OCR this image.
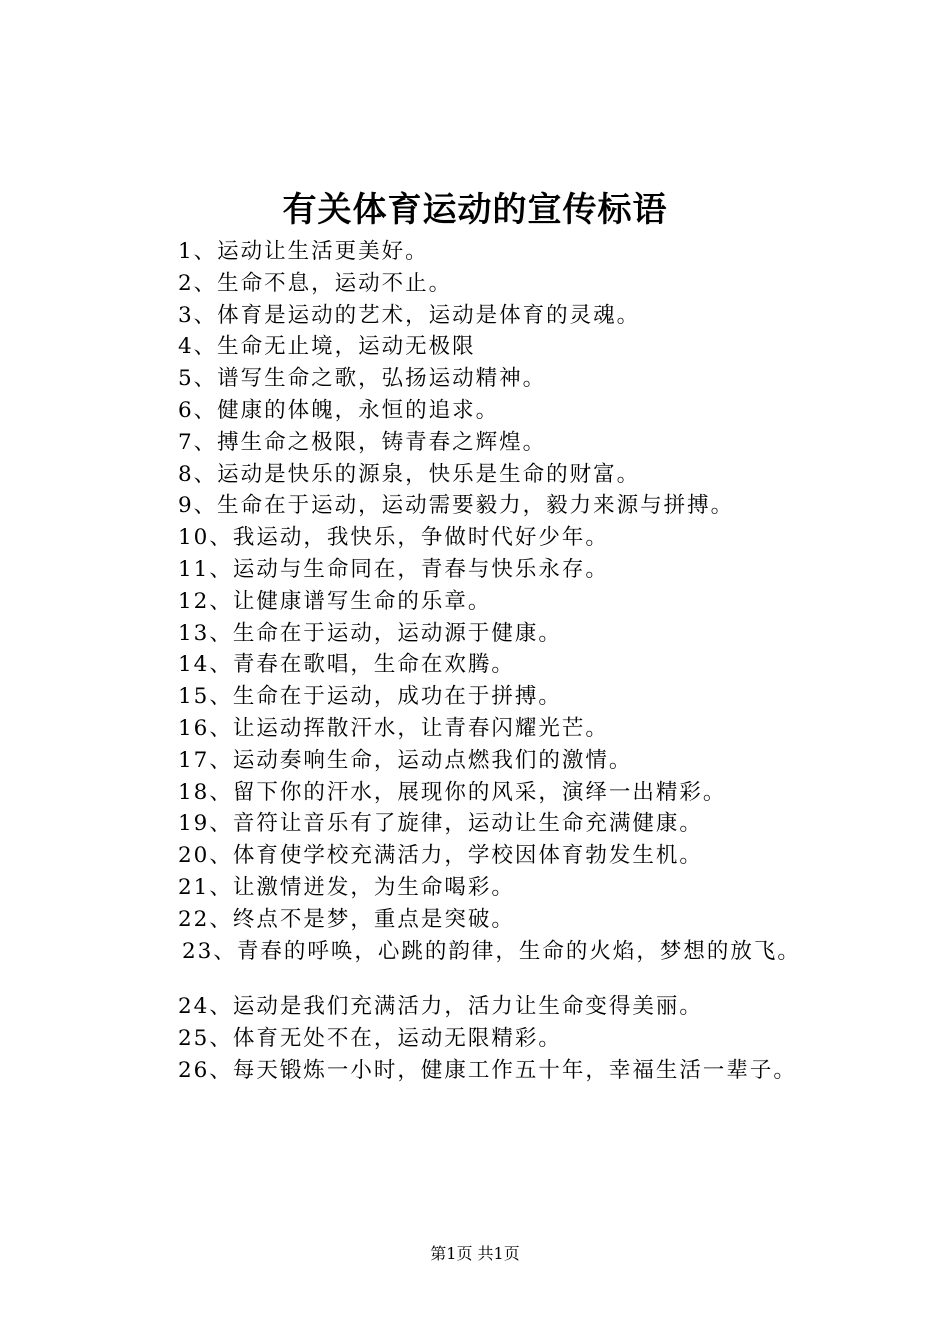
有关体育运动的宣传标语
1、运动让生活更美好。
2、生命不息，运动不止。
3、体育是运动的艺术，运动是体育的灵魂。
4、生命无止境，运动无极限
5、谱写生命之歌，弘扬运动精神。
6、健康的体魄，永恒的追求。
7、搏生命之极限，铸青春之辉煌。
8、运动是快乐的源泉，快乐是生命的财富。
9、生命在于运动，运动需要毅力，毅力来源与拼搏。
10、我运动，我快乐，争做时代好少年。
11、运动与生命同在，青春与快乐永存。
12、让健康谱写生命的乐章。
13、生命在于运动，运动源于健康。
14、青春在歌唱，生命在欢腾。
15、生命在于运动，成功在于拼搏。
16、让运动挥散汗水，让青春闪耀光芒。
17、运动奏响生命，运动点燃我们的激情。
18、留下你的汗水，展现你的风采，演绎一出精彩。
19、音符让音乐有了旋律，运动让生命充满健康。
20、体育使学校充满活力，学校因体育勃发生机。
21、让激情迸发，为生命喝彩。
22、终点不是梦，重点是突破。
23、青春的呼唤，心跳的韵律，生命的火焰，梦想的放飞。
24、运动是我们充满活力，活力让生命变得美丽。
25、体育无处不在，运动无限精彩。
26、每天锻炼一小时，健康工作五十年，幸福生活一辈子。
第1页 共1页
